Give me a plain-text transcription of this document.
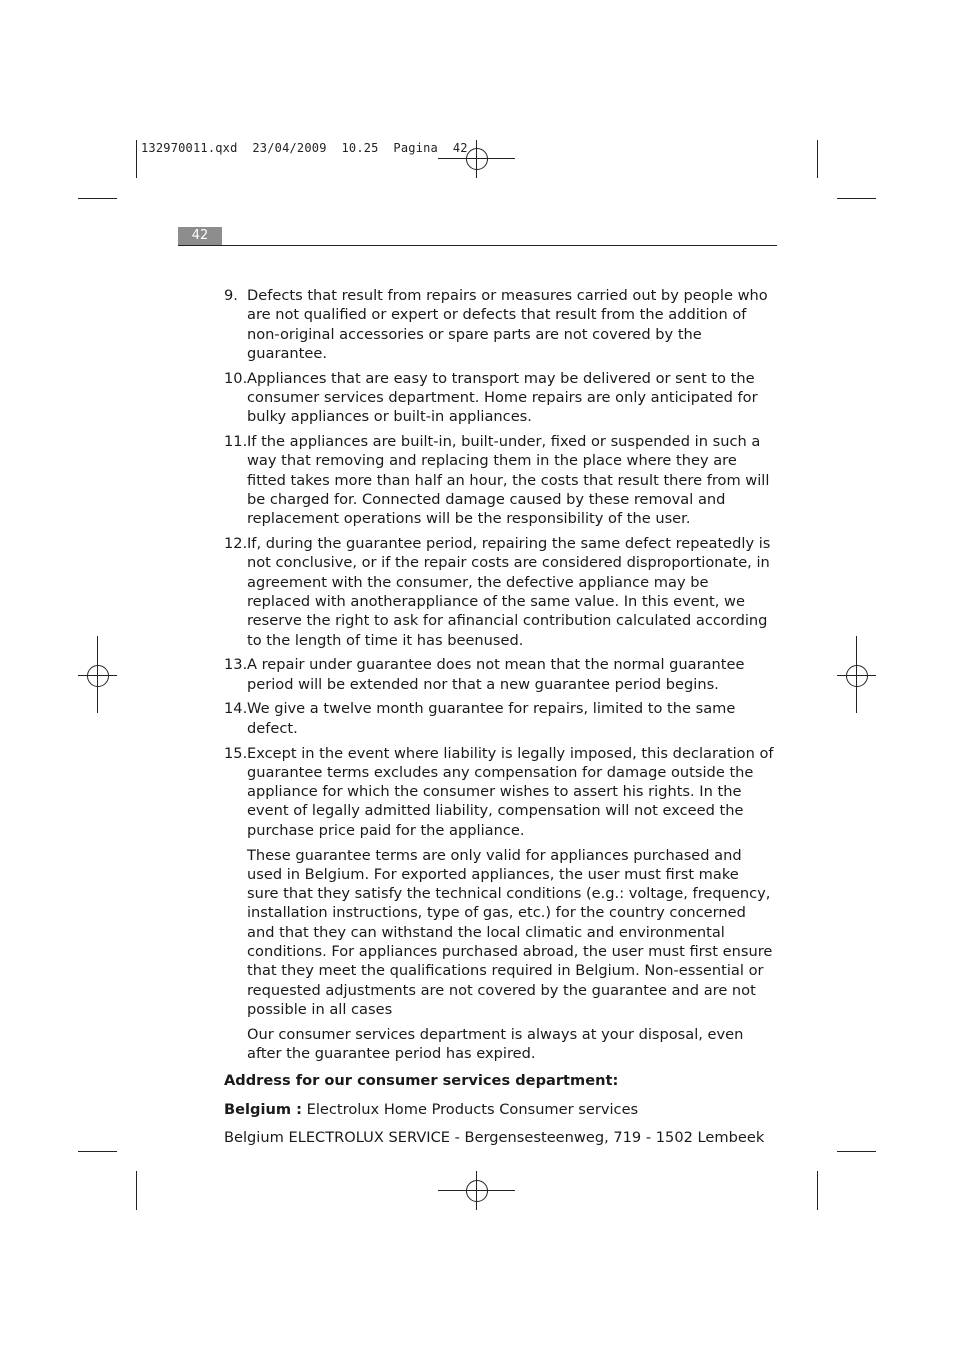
132970011.qxd  23/04/2009  10.25  Pagina  42
42
9. Defects that result from repairs or measures carried out by people who are not qualified or expert or defects that result from the addition of non-original accessories or spare parts are not covered by the guarantee.
10. Appliances that are easy to transport may be delivered or sent to the consumer services department. Home repairs are only anticipated for bulky appliances or built-in appliances.
11. If the appliances are built-in, built-under, fixed or suspended in such a way that removing and replacing them in the place where they are fitted takes more than half an hour, the costs that result there from will be charged for. Connected damage caused by these removal and replacement operations will be the responsibility of the user.
12. If, during the guarantee period, repairing the same defect repeatedly is not conclusive, or if the repair costs are considered disproportionate, in agreement with the consumer, the defective appliance may be replaced with anotherappliance of the same value. In this event, we reserve the right to ask for afinancial contribution calculated according to the length of time it has beenused.
13. A repair under guarantee does not mean that the normal guarantee period will be extended nor that a new guarantee period begins.
14. We give a twelve month guarantee for repairs, limited to the same defect.
15. Except in the event where liability is legally imposed, this declaration of guarantee terms excludes any compensation for damage outside the appliance for which the consumer wishes to assert his rights. In the event of legally admitted liability, compensation will not exceed the purchase price paid for the appliance.
These guarantee terms are only valid for appliances purchased and used in Belgium. For exported appliances, the user must first make sure that they satisfy the technical conditions (e.g.: voltage, frequency, installation instructions, type of gas, etc.) for the country concerned and that they can withstand the local climatic and environmental conditions. For appliances purchased abroad, the user must first ensure that they meet the qualifications required in Belgium. Non-essential or requested adjustments are not covered by the guarantee and are not possible in all cases
Our consumer services department is always at your disposal, even after the guarantee period has expired.
Address for our consumer services department:
Belgium : Electrolux Home Products Consumer services
Belgium ELECTROLUX SERVICE - Bergensesteenweg, 719 - 1502 Lembeek
